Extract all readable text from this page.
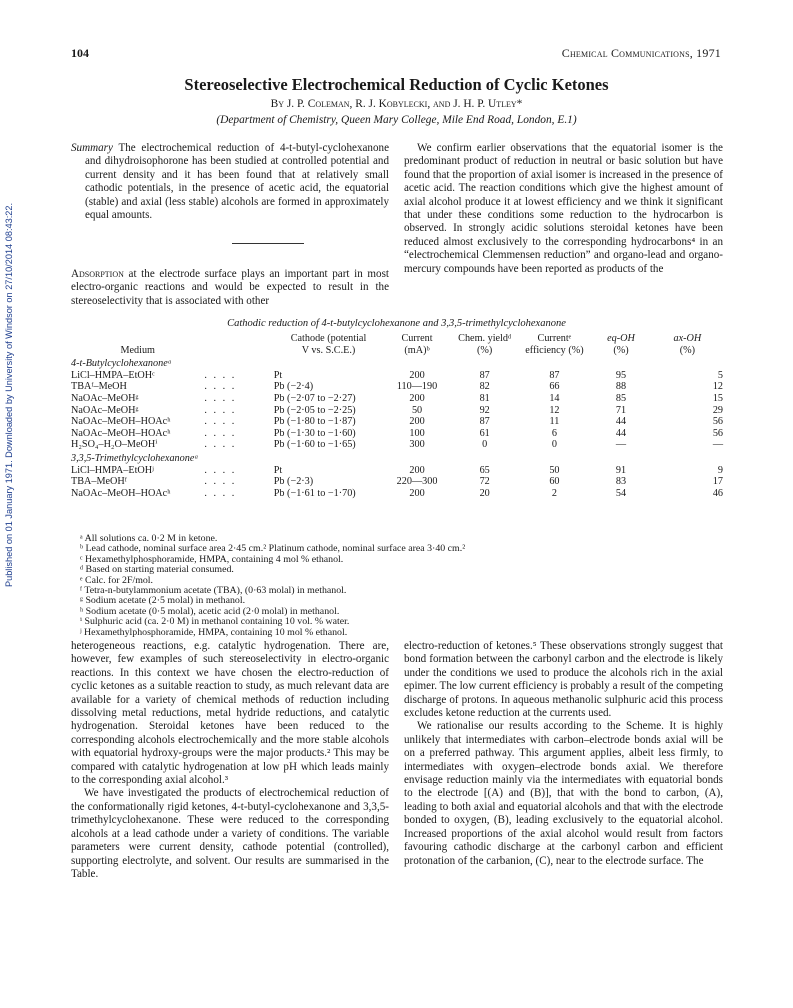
Published on 01 January 1971. Downloaded by University of Windsor on 27/10/2014 08:43:22.
104	Chemical Communications, 1971
Stereoselective Electrochemical Reduction of Cyclic Ketones
By J. P. Coleman, R. J. Kobylecki, and J. H. P. Utley*
(Department of Chemistry, Queen Mary College, Mile End Road, London, E.1)

Summary The electrochemical reduction of 4-t-butyl-cyclohexanone and dihydroisophorone has been studied at controlled potential and current density and it has been found that at relatively small cathodic potentials, in the presence of acetic acid, the equatorial (stable) and axial (less stable) alcohols are formed in approximately equal amounts.

Adsorption at the electrode surface plays an important part in most electro-organic reactions and would be expected to result in the stereoselectivity that is associated with other

We confirm earlier observations that the equatorial isomer is the predominant product of reduction in neutral or basic solution but have found that the proportion of axial isomer is increased in the presence of acetic acid. The reaction conditions which give the highest amount of axial alcohol produce it at lowest efficiency and we think it significant that under these conditions some reduction to the hydrocarbon is observed. In strongly acidic solutions steroidal ketones have been reduced almost exclusively to the corresponding hydrocarbons⁴ in an “electrochemical Clemmensen reduction” and organo-lead and organo-mercury compounds have been reported as products of the

Cathodic reduction of 4-t-butylcyclohexanone and 3,3,5-trimethylcyclohexanone
		Cathode (potential	Current	Chem. yieldᵈ	Currentᵉ	eq-OH	ax-OH
Medium		V vs. S.C.E.)	(mA)ᵇ	(%)	efficiency (%)	(%)	(%)
4-t-Butylcyclohexanoneᵃ							
LiCl–HMPA–EtOHᶜ	. . . .	Pt	200	87	87	95	5
TBAᶠ–MeOH	. . . .	Pb (−2·4)	110—190	82	66	88	12
NaOAc–MeOHᵍ	. . . .	Pb (−2·07 to −2·27)	200	81	14	85	15
NaOAc–MeOHᵍ	. . . .	Pb (−2·05 to −2·25)	50	92	12	71	29
NaOAc–MeOH–HOAcʰ	. . . .	Pb (−1·80 to −1·87)	200	87	11	44	56
NaOAc–MeOH–HOAcʰ	. . . .	Pb (−1·30 to −1·60)	100	61	6	44	56
H₂SO₄–H₂O–MeOHⁱ	. . . .	Pb (−1·60 to −1·65)	300	0	0	—	—
3,3,5-Trimethylcyclohexanoneᵃ							
LiCl–HMPA–EtOHʲ	. . . .	Pt	200	65	50	91	9
TBA–MeOHᶠ	. . . .	Pb (−2·3)	220—300	72	60	83	17
NaOAc–MeOH–HOAcʰ	. . . .	Pb (−1·61 to −1·70)	200	20	2	54	46
ᵃ All solutions ca. 0·2 M in ketone.
ᵇ Lead cathode, nominal surface area 2·45 cm.² Platinum cathode, nominal surface area 3·40 cm.²
ᶜ Hexamethylphosphoramide, HMPA, containing 4 mol % ethanol.
ᵈ Based on starting material consumed.
ᵉ Calc. for 2F/mol.
ᶠ Tetra-n-butylammonium acetate (TBA), (0·63 molal) in methanol.
ᵍ Sodium acetate (2·5 molal) in methanol.
ʰ Sodium acetate (0·5 molal), acetic acid (2·0 molal) in methanol.
ⁱ Sulphuric acid (ca. 2·0 M) in methanol containing 10 vol. % water.
ʲ Hexamethylphosphoramide, HMPA, containing 10 mol % ethanol.

heterogeneous reactions, e.g. catalytic hydrogenation. There are, however, few examples of such stereoselectivity in electro-organic reactions. In this context we have chosen the electro-reduction of cyclic ketones as a suitable reaction to study, as much relevant data are available for a variety of chemical methods of reduction including dissolving metal reductions, metal hydride reductions, and catalytic hydrogenation. Steroidal ketones have been reduced to the corresponding alcohols electrochemically and the more stable alcohols with equatorial hydroxy-groups were the major products.² This may be compared with catalytic hydrogenation at low pH which leads mainly to the corresponding axial alcohol.³

We have investigated the products of electrochemical reduction of the conformationally rigid ketones, 4-t-butyl-cyclohexanone and 3,3,5-trimethylcyclohexanone. These were reduced to the corresponding alcohols at a lead cathode under a variety of conditions. The variable parameters were current density, cathode potential (controlled), supporting electrolyte, and solvent. Our results are summarised in the Table.

electro-reduction of ketones.⁵ These observations strongly suggest that bond formation between the carbonyl carbon and the electrode is likely under the conditions we used to produce the alcohols rich in the axial epimer. The low current efficiency is probably a result of the competing discharge of protons. In aqueous methanolic sulphuric acid this process excludes ketone reduction at the currents used.

We rationalise our results according to the Scheme. It is highly unlikely that intermediates with carbon–electrode bonds axial will be on a preferred pathway. This argument applies, albeit less firmly, to intermediates with oxygen–electrode bonds axial. We therefore envisage reduction mainly via the intermediates with equatorial bonds to the electrode [(A) and (B)], that with the bond to carbon, (A), leading to both axial and equatorial alcohols and that with the electrode bonded to oxygen, (B), leading exclusively to the equatorial alcohol. Increased proportions of the axial alcohol would result from factors favouring cathodic discharge at the carbonyl carbon and efficient protonation of the carbanion, (C), near to the electrode surface. The
